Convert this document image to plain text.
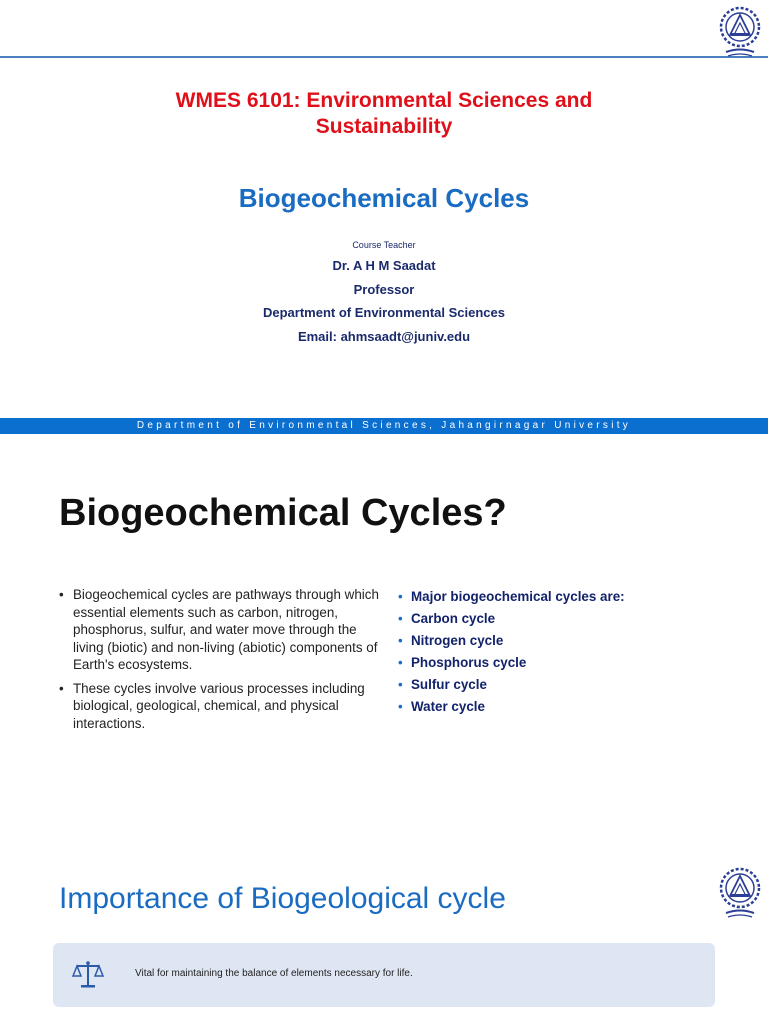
WMES 6101: Environmental Sciences and Sustainability
Biogeochemical Cycles
Course Teacher
Dr. A H M Saadat
Professor
Department of Environmental Sciences
Email: ahmsaadt@juniv.edu
Department of Environmental Sciences, Jahangirnagar University
Biogeochemical Cycles?
• Biogeochemical cycles are pathways through which essential elements such as carbon, nitrogen, phosphorus, sulfur, and water move through the living (biotic) and non-living (abiotic) components of Earth's ecosystems.
• These cycles involve various processes including biological, geological, chemical, and physical interactions.
• Major biogeochemical cycles are:
• Carbon cycle
• Nitrogen cycle
• Phosphorus cycle
• Sulfur cycle
• Water cycle
Importance of Biogeological cycle
Vital for maintaining the balance of elements necessary for life.
